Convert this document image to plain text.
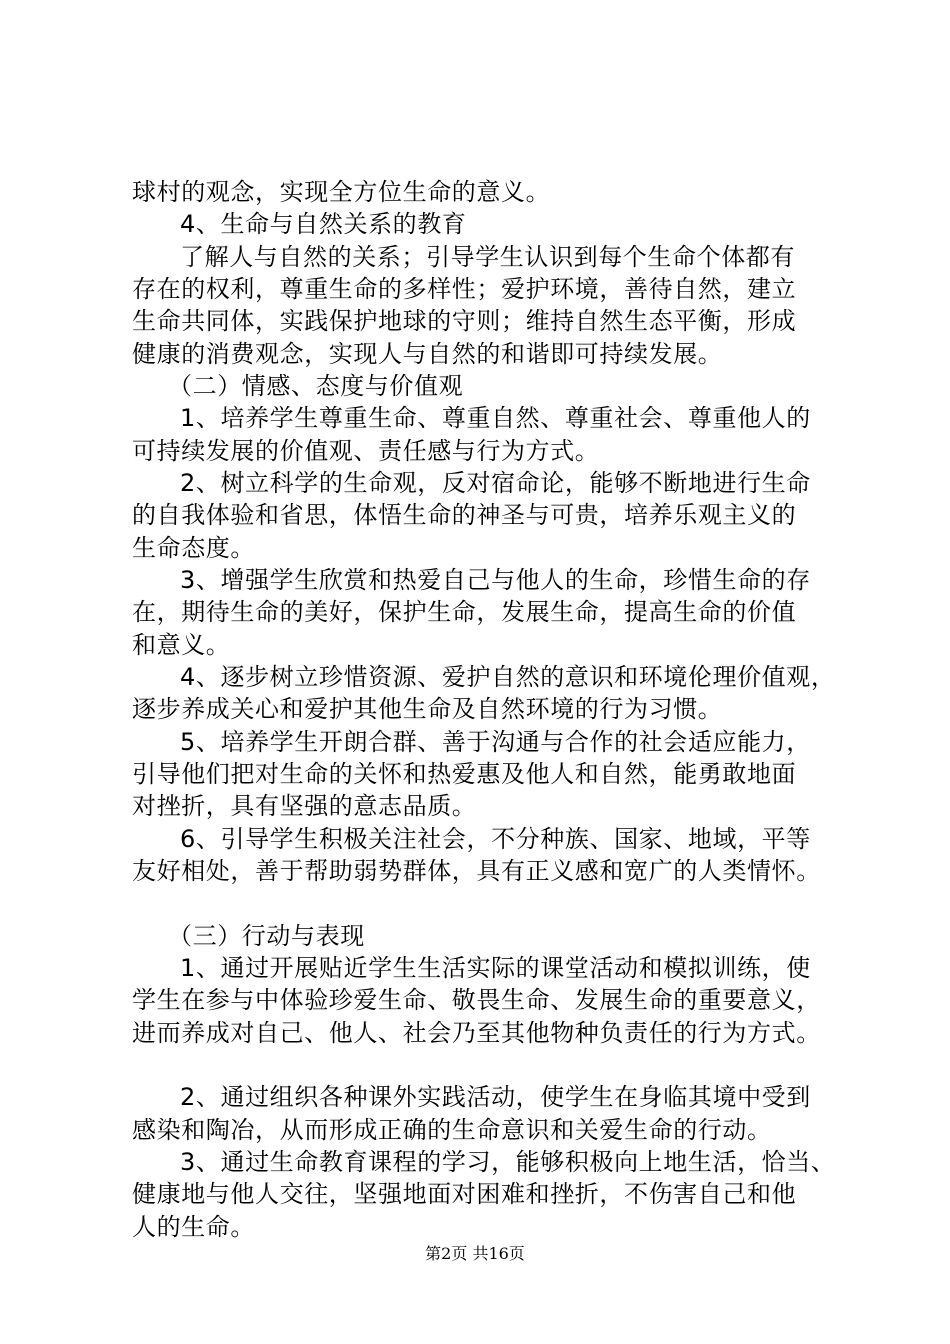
球村的观念，实现全方位生命的意义。
4、生命与自然关系的教育
了解人与自然的关系；引导学生认识到每个生命个体都有
存在的权利，尊重生命的多样性；爱护环境，善待自然，建立
生命共同体，实践保护地球的守则；维持自然生态平衡，形成
健康的消费观念，实现人与自然的和谐即可持续发展。
（二）情感、态度与价值观
1、培养学生尊重生命、尊重自然、尊重社会、尊重他人的
可持续发展的价值观、责任感与行为方式。
2、树立科学的生命观，反对宿命论，能够不断地进行生命
的自我体验和省思，体悟生命的神圣与可贵，培养乐观主义的
生命态度。
3、增强学生欣赏和热爱自己与他人的生命，珍惜生命的存
在，期待生命的美好，保护生命，发展生命，提高生命的价值
和意义。
4、逐步树立珍惜资源、爱护自然的意识和环境伦理价值观，
逐步养成关心和爱护其他生命及自然环境的行为习惯。
5、培养学生开朗合群、善于沟通与合作的社会适应能力，
引导他们把对生命的关怀和热爱惠及他人和自然，能勇敢地面
对挫折，具有坚强的意志品质。
6、引导学生积极关注社会，不分种族、国家、地域，平等
友好相处，善于帮助弱势群体，具有正义感和宽广的人类情怀。
（三）行动与表现
1、通过开展贴近学生生活实际的课堂活动和模拟训练，使
学生在参与中体验珍爱生命、敬畏生命、发展生命的重要意义，
进而养成对自己、他人、社会乃至其他物种负责任的行为方式。
2、通过组织各种课外实践活动，使学生在身临其境中受到
感染和陶冶，从而形成正确的生命意识和关爱生命的行动。
3、通过生命教育课程的学习，能够积极向上地生活，恰当、
健康地与他人交往，坚强地面对困难和挫折，不伤害自己和他
人的生命。
第2页 共16页
